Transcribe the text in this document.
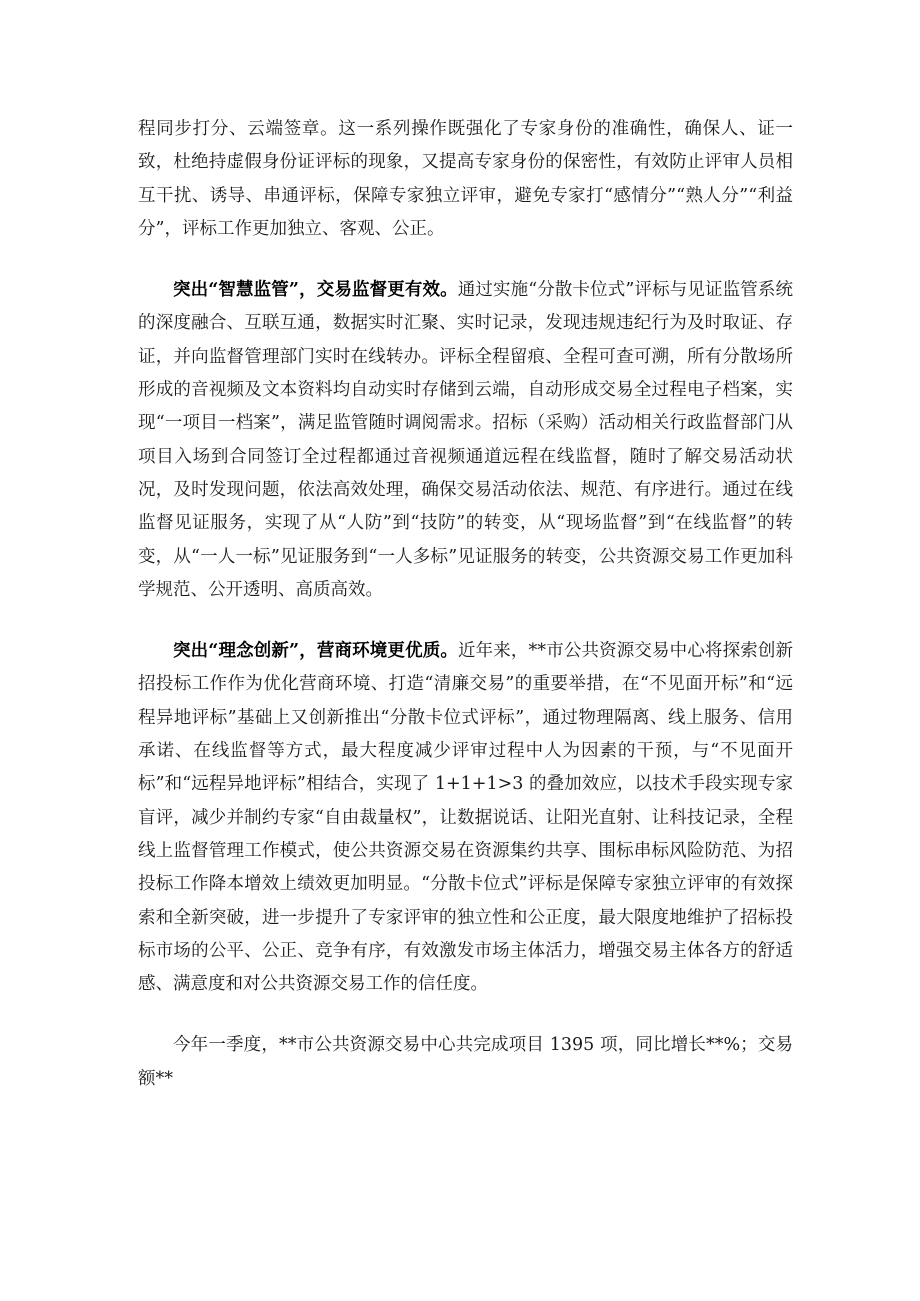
程同步打分、云端签章。这一系列操作既强化了专家身份的准确性，确保人、证一致，杜绝持虚假身份证评标的现象，又提高专家身份的保密性，有效防止评审人员相互干扰、诱导、串通评标，保障专家独立评审，避免专家打“感情分”“熟人分”“利益分”，评标工作更加独立、客观、公正。

突出“智慧监管”，交易监督更有效。通过实施“分散卡位式”评标与见证监管系统的深度融合、互联互通，数据实时汇聚、实时记录，发现违规违纪行为及时取证、存证，并向监督管理部门实时在线转办。评标全程留痕、全程可查可溯，所有分散场所形成的音视频及文本资料均自动实时存储到云端，自动形成交易全过程电子档案，实现“一项目一档案”，满足监管随时调阅需求。招标（采购）活动相关行政监督部门从项目入场到合同签订全过程都通过音视频通道远程在线监督，随时了解交易活动状况，及时发现问题，依法高效处理，确保交易活动依法、规范、有序进行。通过在线监督见证服务，实现了从“人防”到“技防”的转变，从“现场监督”到“在线监督”的转变，从“一人一标”见证服务到“一人多标”见证服务的转变，公共资源交易工作更加科学规范、公开透明、高质高效。

突出“理念创新”，营商环境更优质。近年来，**市公共资源交易中心将探索创新招投标工作作为优化营商环境、打造“清廉交易”的重要举措，在“不见面开标”和“远程异地评标”基础上又创新推出“分散卡位式评标”，通过物理隔离、线上服务、信用承诺、在线监督等方式，最大程度减少评审过程中人为因素的干预，与“不见面开标”和“远程异地评标”相结合，实现了 1+1+1>3 的叠加效应，以技术手段实现专家盲评，减少并制约专家“自由裁量权”，让数据说话、让阳光直射、让科技记录，全程线上监督管理工作模式，使公共资源交易在资源集约共享、围标串标风险防范、为招投标工作降本增效上绩效更加明显。“分散卡位式”评标是保障专家独立评审的有效探索和全新突破，进一步提升了专家评审的独立性和公正度，最大限度地维护了招标投标市场的公平、公正、竞争有序，有效激发市场主体活力，增强交易主体各方的舒适感、满意度和对公共资源交易工作的信任度。

今年一季度，**市公共资源交易中心共完成项目 1395 项，同比增长**%；交易额**
